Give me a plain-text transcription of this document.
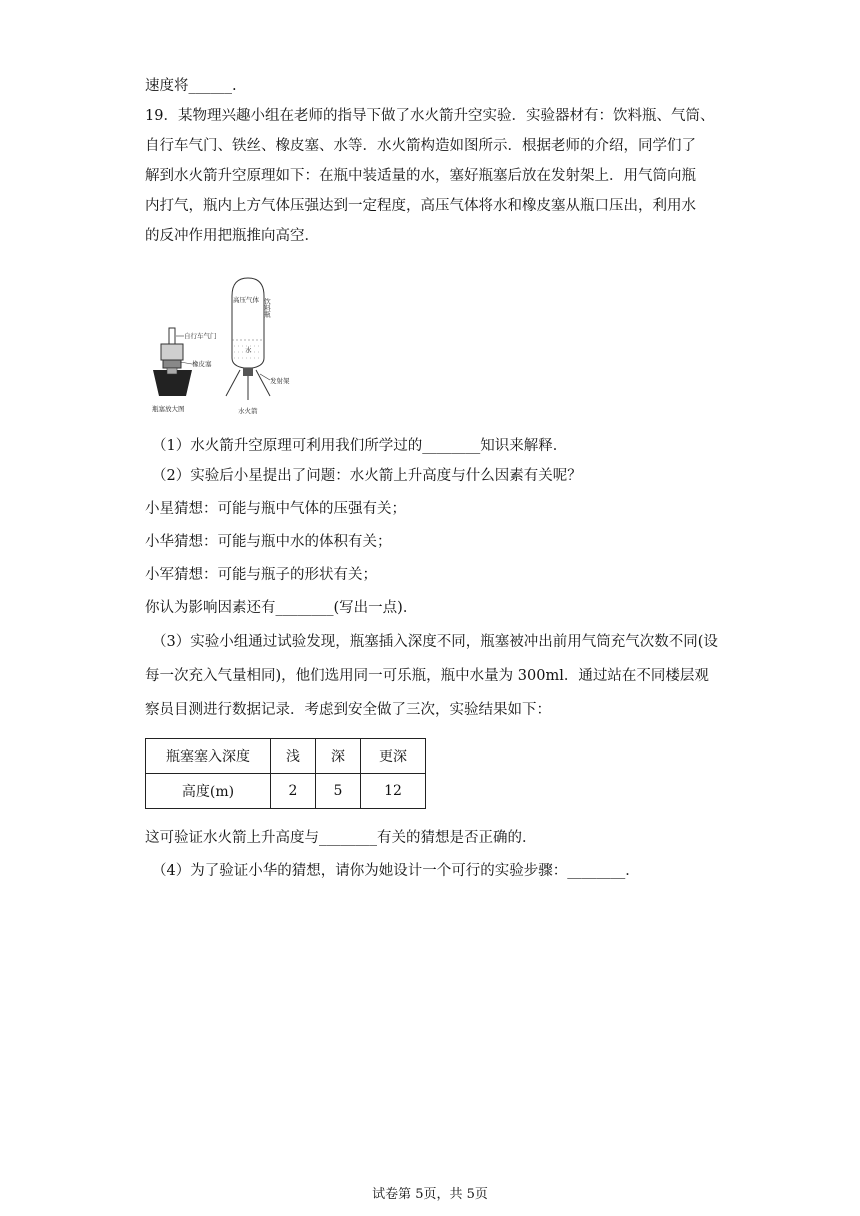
速度将______.
19．某物理兴趣小组在老师的指导下做了水火箭升空实验．实验器材有：饮料瓶、气筒、
自行车气门、铁丝、橡皮塞、水等．水火箭构造如图所示．根据老师的介绍，同学们了
解到水火箭升空原理如下：在瓶中装适量的水，塞好瓶塞后放在发射架上．用气筒向瓶
内打气，瓶内上方气体压强达到一定程度，高压气体将水和橡皮塞从瓶口压出，利用水
的反冲作用把瓶推向高空．
自行车气门
橡皮塞
瓶塞放大图
高压气体 饮料瓶
水
发射架
水火箭
（1）水火箭升空原理可利用我们所学过的________知识来解释．
（2）实验后小星提出了问题：水火箭上升高度与什么因素有关呢？
小星猜想：可能与瓶中气体的压强有关；
小华猜想：可能与瓶中水的体积有关；
小军猜想：可能与瓶子的形状有关；
你认为影响因素还有________(写出一点)．
（3）实验小组通过试验发现，瓶塞插入深度不同，瓶塞被冲出前用气筒充气次数不同(设
每一次充入气量相同)，他们选用同一可乐瓶，瓶中水量为 300ml．通过站在不同楼层观
察员目测进行数据记录．考虑到安全做了三次，实验结果如下：
瓶塞塞入深度	浅	深	更深
高度(m)	2	5	12
这可验证水火箭上升高度与________有关的猜想是否正确的．
（4）为了验证小华的猜想，请你为她设计一个可行的实验步骤：________．
试卷第 5页，共 5页
